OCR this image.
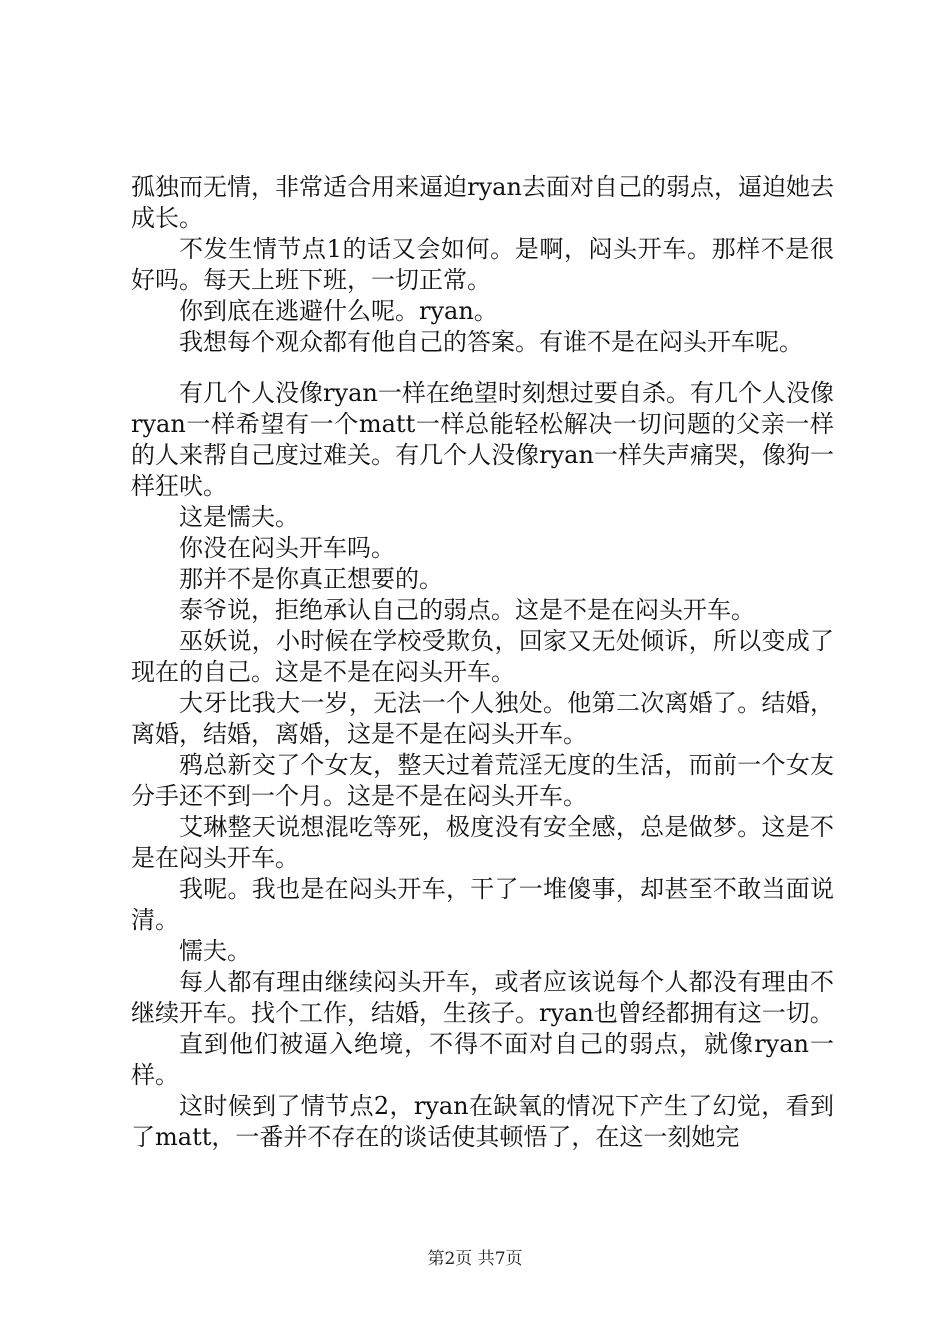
孤独而无情，非常适合用来逼迫ryan去面对自己的弱点，逼迫她去成长。

不发生情节点1的话又会如何。是啊，闷头开车。那样不是很好吗。每天上班下班，一切正常。

你到底在逃避什么呢。ryan。

我想每个观众都有他自己的答案。有谁不是在闷头开车呢。

有几个人没像ryan一样在绝望时刻想过要自杀。有几个人没像ryan一样希望有一个matt一样总能轻松解决一切问题的父亲一样的人来帮自己度过难关。有几个人没像ryan一样失声痛哭，像狗一样狂吠。

这是懦夫。

你没在闷头开车吗。

那并不是你真正想要的。

泰爷说，拒绝承认自己的弱点。这是不是在闷头开车。

巫妖说，小时候在学校受欺负，回家又无处倾诉，所以变成了现在的自己。这是不是在闷头开车。

大牙比我大一岁，无法一个人独处。他第二次离婚了。结婚，离婚，结婚，离婚，这是不是在闷头开车。

鸦总新交了个女友，整天过着荒淫无度的生活，而前一个女友分手还不到一个月。这是不是在闷头开车。

艾琳整天说想混吃等死，极度没有安全感，总是做梦。这是不是在闷头开车。

我呢。我也是在闷头开车，干了一堆傻事，却甚至不敢当面说清。

懦夫。

每人都有理由继续闷头开车，或者应该说每个人都没有理由不继续开车。找个工作，结婚，生孩子。ryan也曾经都拥有这一切。

直到他们被逼入绝境，不得不面对自己的弱点，就像ryan一样。

这时候到了情节点2，ryan在缺氧的情况下产生了幻觉，看到了matt，一番并不存在的谈话使其顿悟了，在这一刻她完

第2页 共7页
